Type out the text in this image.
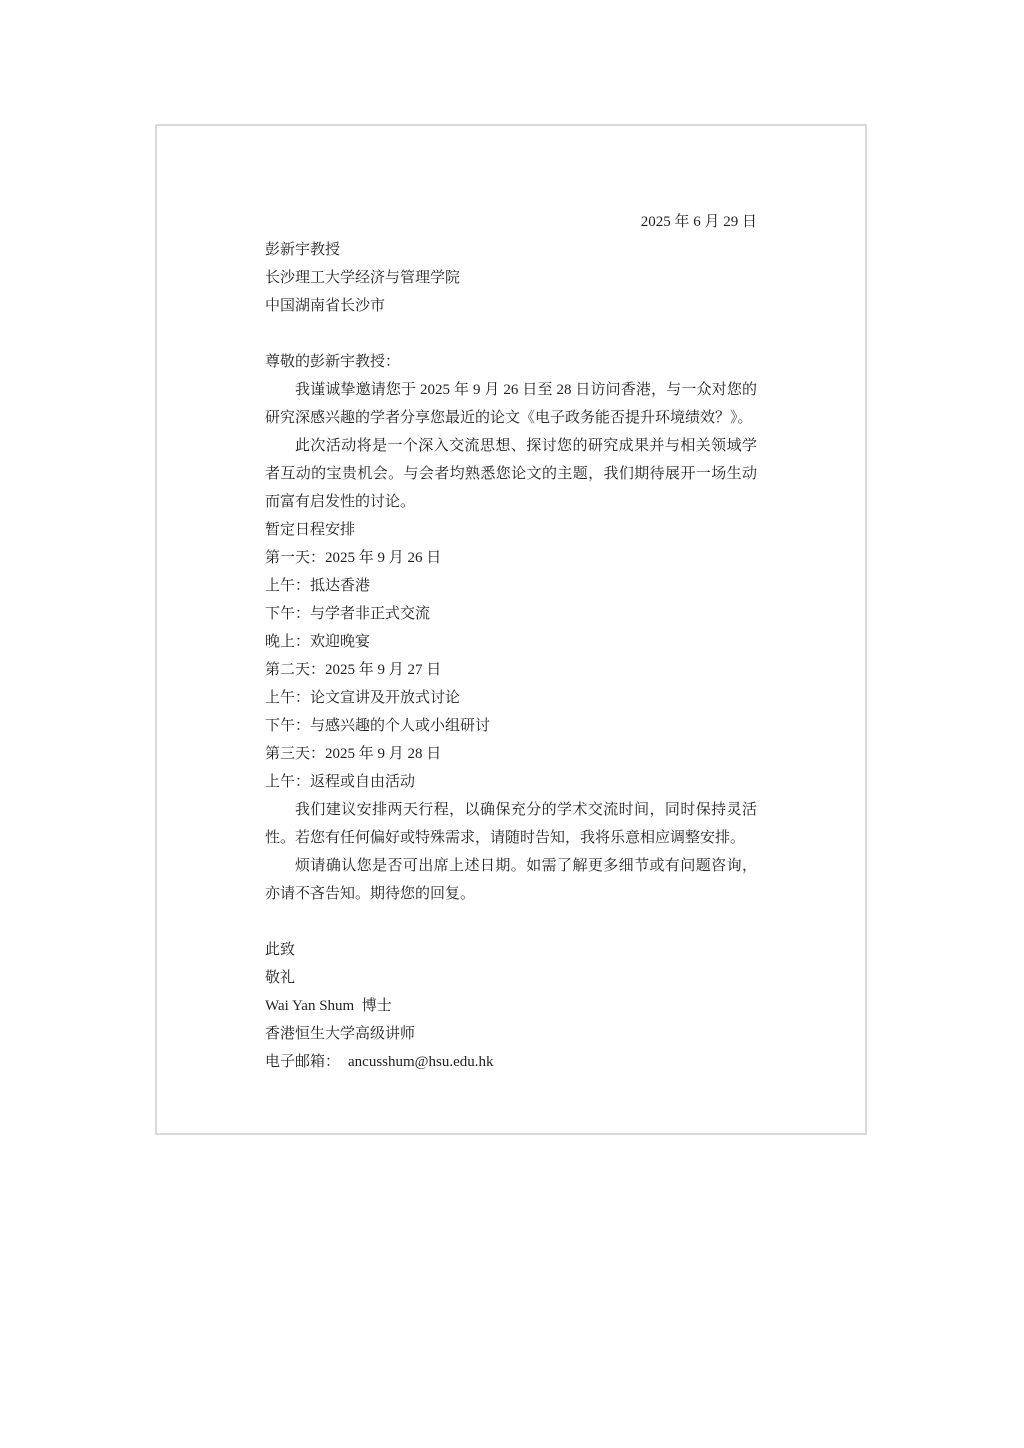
2025 年 6 月 29 日

彭新宇教授

长沙理工大学经济与管理学院

中国湖南省长沙市

尊敬的彭新宇教授：

我谨诚挚邀请您于 2025 年 9 月 26 日至 28 日访问香港，与一众对您的研究深感兴趣的学者分享您最近的论文《电子政务能否提升环境绩效？》。

此次活动将是一个深入交流思想、探讨您的研究成果并与相关领域学者互动的宝贵机会。与会者均熟悉您论文的主题，我们期待展开一场生动而富有启发性的讨论。

暂定日程安排

第一天：2025 年 9 月 26 日

上午：抵达香港

下午：与学者非正式交流

晚上：欢迎晚宴

第二天：2025 年 9 月 27 日

上午：论文宣讲及开放式讨论

下午：与感兴趣的个人或小组研讨

第三天：2025 年 9 月 28 日

上午：返程或自由活动

我们建议安排两天行程，以确保充分的学术交流时间，同时保持灵活性。若您有任何偏好或特殊需求，请随时告知，我将乐意相应调整安排。

烦请确认您是否可出席上述日期。如需了解更多细节或有问题咨询，亦请不吝告知。期待您的回复。

此致

敬礼

Wai Yan Shum  博士

香港恒生大学高级讲师

电子邮箱： ancusshum@hsu.edu.hk
